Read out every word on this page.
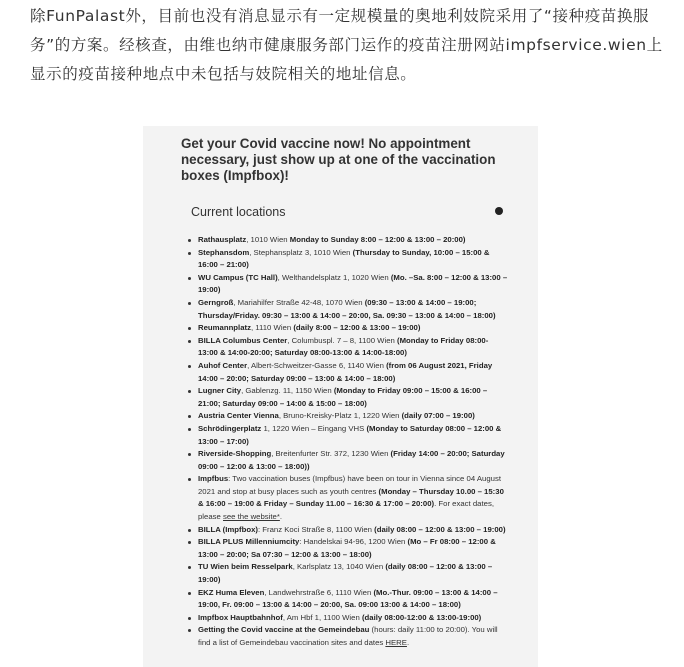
除FunPalast外，目前也没有消息显示有一定规模量的奥地利妓院采用了“接种疫苗换服务”的方案。经核查，由维也纳市健康服务部门运作的疫苗注册网站impfservice.wien上显示的疫苗接种地点中未包括与妓院相关的地址信息。

Get your Covid vaccine now! No appointment necessary, just show up at one of the vaccination boxes (Impfbox)!
Current locations
Rathausplatz, 1010 Wien Monday to Sunday 8:00 – 12:00 & 13:00 – 20:00)
Stephansdom, Stephansplatz 3, 1010 Wien (Thursday to Sunday, 10:00 – 15:00 & 16:00 – 21:00)
WU Campus (TC Hall), Welthandelsplatz 1, 1020 Wien (Mo. –Sa. 8:00 – 12:00 & 13:00 – 19:00)
Gerngroß, Mariahilfer Straße 42-48, 1070 Wien (09:30 – 13:00 & 14:00 – 19:00; Thursday/Friday. 09:30 – 13:00 & 14:00 – 20:00, Sa. 09:30 – 13:00 & 14:00 – 18:00)
Reumannplatz, 1110 Wien (daily 8:00 – 12:00 & 13:00 – 19:00)
BILLA Columbus Center, Columbuspl. 7 – 8, 1100 Wien (Monday to Friday 08:00-13:00 & 14:00-20:00; Saturday 08:00-13:00 & 14:00-18:00)
Auhof Center, Albert-Schweitzer-Gasse 6, 1140 Wien (from 06 August 2021, Friday 14:00 – 20:00; Saturday 09:00 – 13:00 & 14:00 – 18:00)
Lugner City, Gablenzg. 11, 1150 Wien (Monday to Friday 09:00 – 15:00 & 16:00 – 21:00; Saturday 09:00 – 14:00 & 15:00 – 18:00)
Austria Center Vienna, Bruno-Kreisky-Platz 1, 1220 Wien (daily 07:00 – 19:00)
Schrödingerplatz 1, 1220 Wien – Eingang VHS (Monday to Saturday 08:00 – 12:00 & 13:00 – 17:00)
Riverside-Shopping, Breitenfurter Str. 372, 1230 Wien (Friday 14:00 – 20:00; Saturday 09:00 – 12:00 & 13:00 – 18:00))
Impfbus: Two vaccination buses (Impfbus) have been on tour in Vienna since 04 August 2021 and stop at busy places such as youth centres (Monday – Thursday 10.00 – 15:30 & 16:00 – 19:00 & Friday – Sunday 11.00 – 16:30 & 17:00 – 20:00). For exact dates, please see the website*.
BILLA (Impfbox): Franz Koci Straße 8, 1100 Wien (daily 08:00 – 12:00 & 13:00 – 19:00)
BILLA PLUS Millenniumcity: Handelskai 94-96, 1200 Wien (Mo – Fr 08:00 – 12:00 & 13:00 – 20:00; Sa 07:30 – 12:00 & 13:00 – 18:00)
TU Wien beim Resselpark, Karlsplatz 13, 1040 Wien (daily 08:00 – 12:00 & 13:00 – 19:00)
EKZ Huma Eleven, Landwehrstraße 6, 1110 Wien (Mo.-Thur. 09:00 – 13:00 & 14:00 – 19:00, Fr. 09:00 – 13:00 & 14:00 – 20:00, Sa. 09:00 13:00 & 14:00 – 18:00)
Impfbox Hauptbahnhof, Am Hbf 1, 1100 Wien (daily 08:00-12:00 & 13:00-19:00)
Getting the Covid vaccine at the Gemeindebau (hours: daily 11:00 to 20:00). You will find a list of Gemeindebau vaccination sites and dates HERE.
